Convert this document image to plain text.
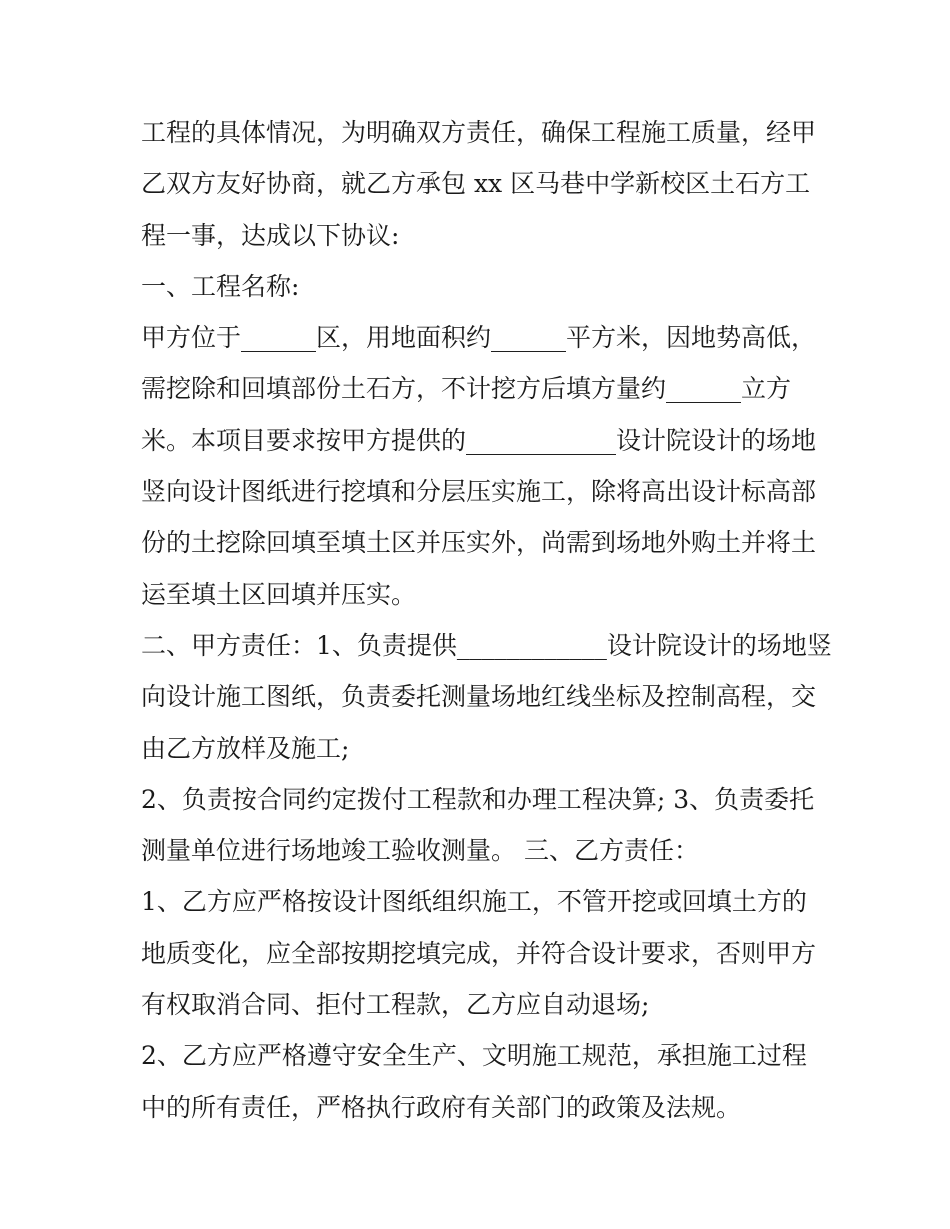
工程的具体情况，为明确双方责任，确保工程施工质量，经甲
乙双方友好协商，就乙方承包 xx 区马巷中学新校区土石方工
程一事，达成以下协议:
一、工程名称:
甲方位于______区，用地面积约______平方米，因地势高低，
需挖除和回填部份土石方，不计挖方后填方量约______立方
米。本项目要求按甲方提供的____________设计院设计的场地
竖向设计图纸进行挖填和分层压实施工，除将高出设计标高部
份的土挖除回填至填土区并压实外，尚需到场地外购土并将土
运至填土区回填并压实。
二、甲方责任：1、负责提供____________设计院设计的场地竖
向设计施工图纸，负责委托测量场地红线坐标及控制高程，交
由乙方放样及施工;
2、负责按合同约定拨付工程款和办理工程决算; 3、负责委托
测量单位进行场地竣工验收测量。 三、乙方责任：
1、乙方应严格按设计图纸组织施工，不管开挖或回填土方的
地质变化，应全部按期挖填完成，并符合设计要求，否则甲方
有权取消合同、拒付工程款，乙方应自动退场;
2、乙方应严格遵守安全生产、文明施工规范，承担施工过程
中的所有责任，严格执行政府有关部门的政策及法规。
